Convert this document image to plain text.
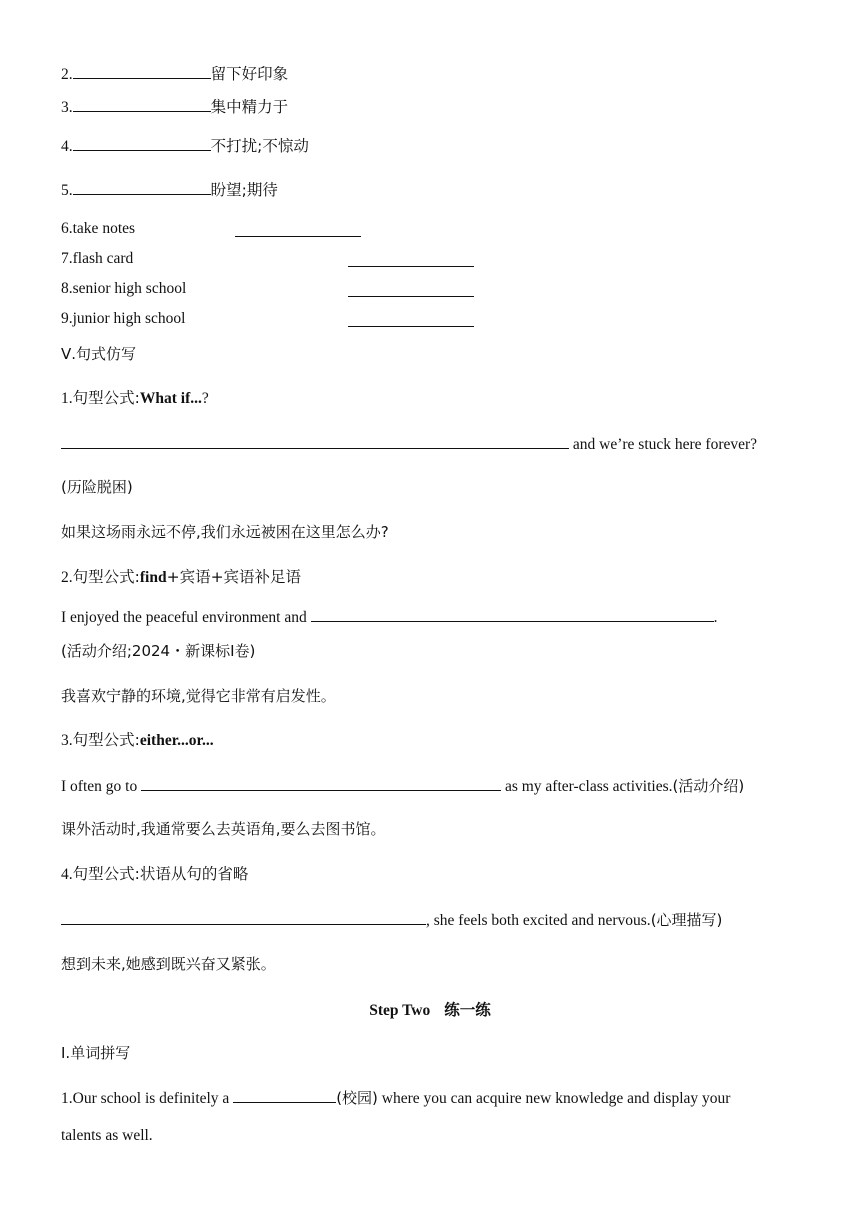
2.	留下好印象
3.	集中精力于
4.	不打扰;不惊动
5.	盼望;期待
6.take notes
7.flash card
8.senior high school
9.junior high school
Ⅴ.句式仿写
1.句型公式:What if...?
and we’re stuck here forever?
(历险脱困)
如果这场雨永远不停,我们永远被困在这里怎么办?
2.句型公式:find+宾语+宾语补足语
I enjoyed the peaceful environment and	.
(活动介绍;2024・新课标Ⅰ卷)
我喜欢宁静的环境,觉得它非常有启发性。
3.句型公式:either...or...
I often go to	as my after-class activities.(活动介绍)
课外活动时,我通常要么去英语角,要么去图书馆。
4.句型公式:状语从句的省略
, she feels both excited and nervous.(心理描写)
想到未来,她感到既兴奋又紧张。
Step Two 练一练
Ⅰ.单词拼写
1.Our school is definitely a	(校园) where you can acquire new knowledge and display your
talents as well.
